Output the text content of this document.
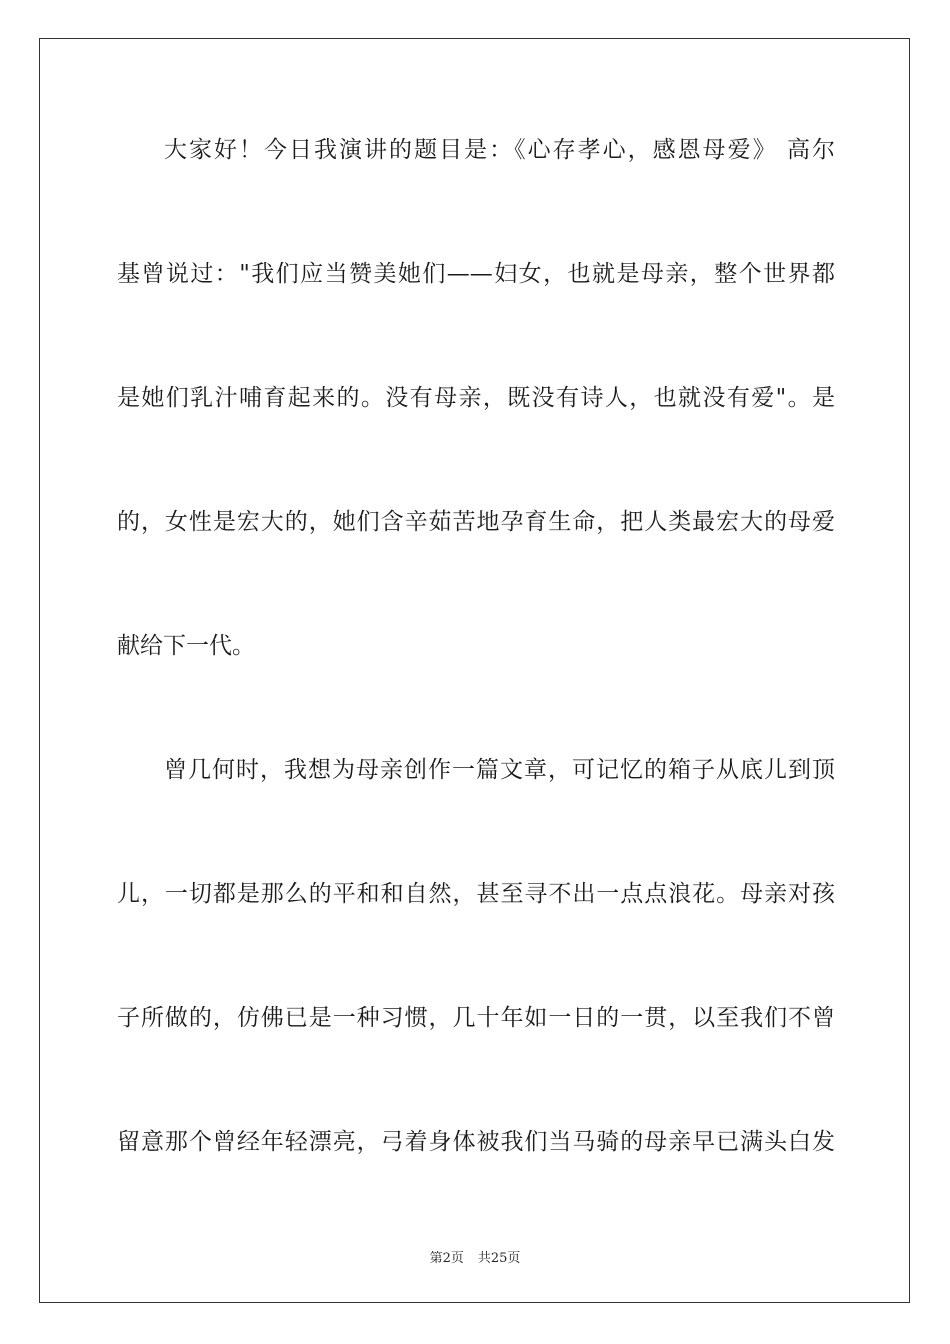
大家好！今日我演讲的题目是：《心存孝心，感恩母爱》 高尔
基曾说过："我们应当赞美她们——妇女，也就是母亲，整个世界都
是她们乳汁哺育起来的。没有母亲，既没有诗人，也就没有爱"。是
的，女性是宏大的，她们含辛茹苦地孕育生命，把人类最宏大的母爱
献给下一代。
曾几何时，我想为母亲创作一篇文章，可记忆的箱子从底儿到顶
儿，一切都是那么的平和和自然，甚至寻不出一点点浪花。母亲对孩
子所做的，仿佛已是一种习惯，几十年如一日的一贯，以至我们不曾
留意那个曾经年轻漂亮，弓着身体被我们当马骑的母亲早已满头白发
第2页 共25页
